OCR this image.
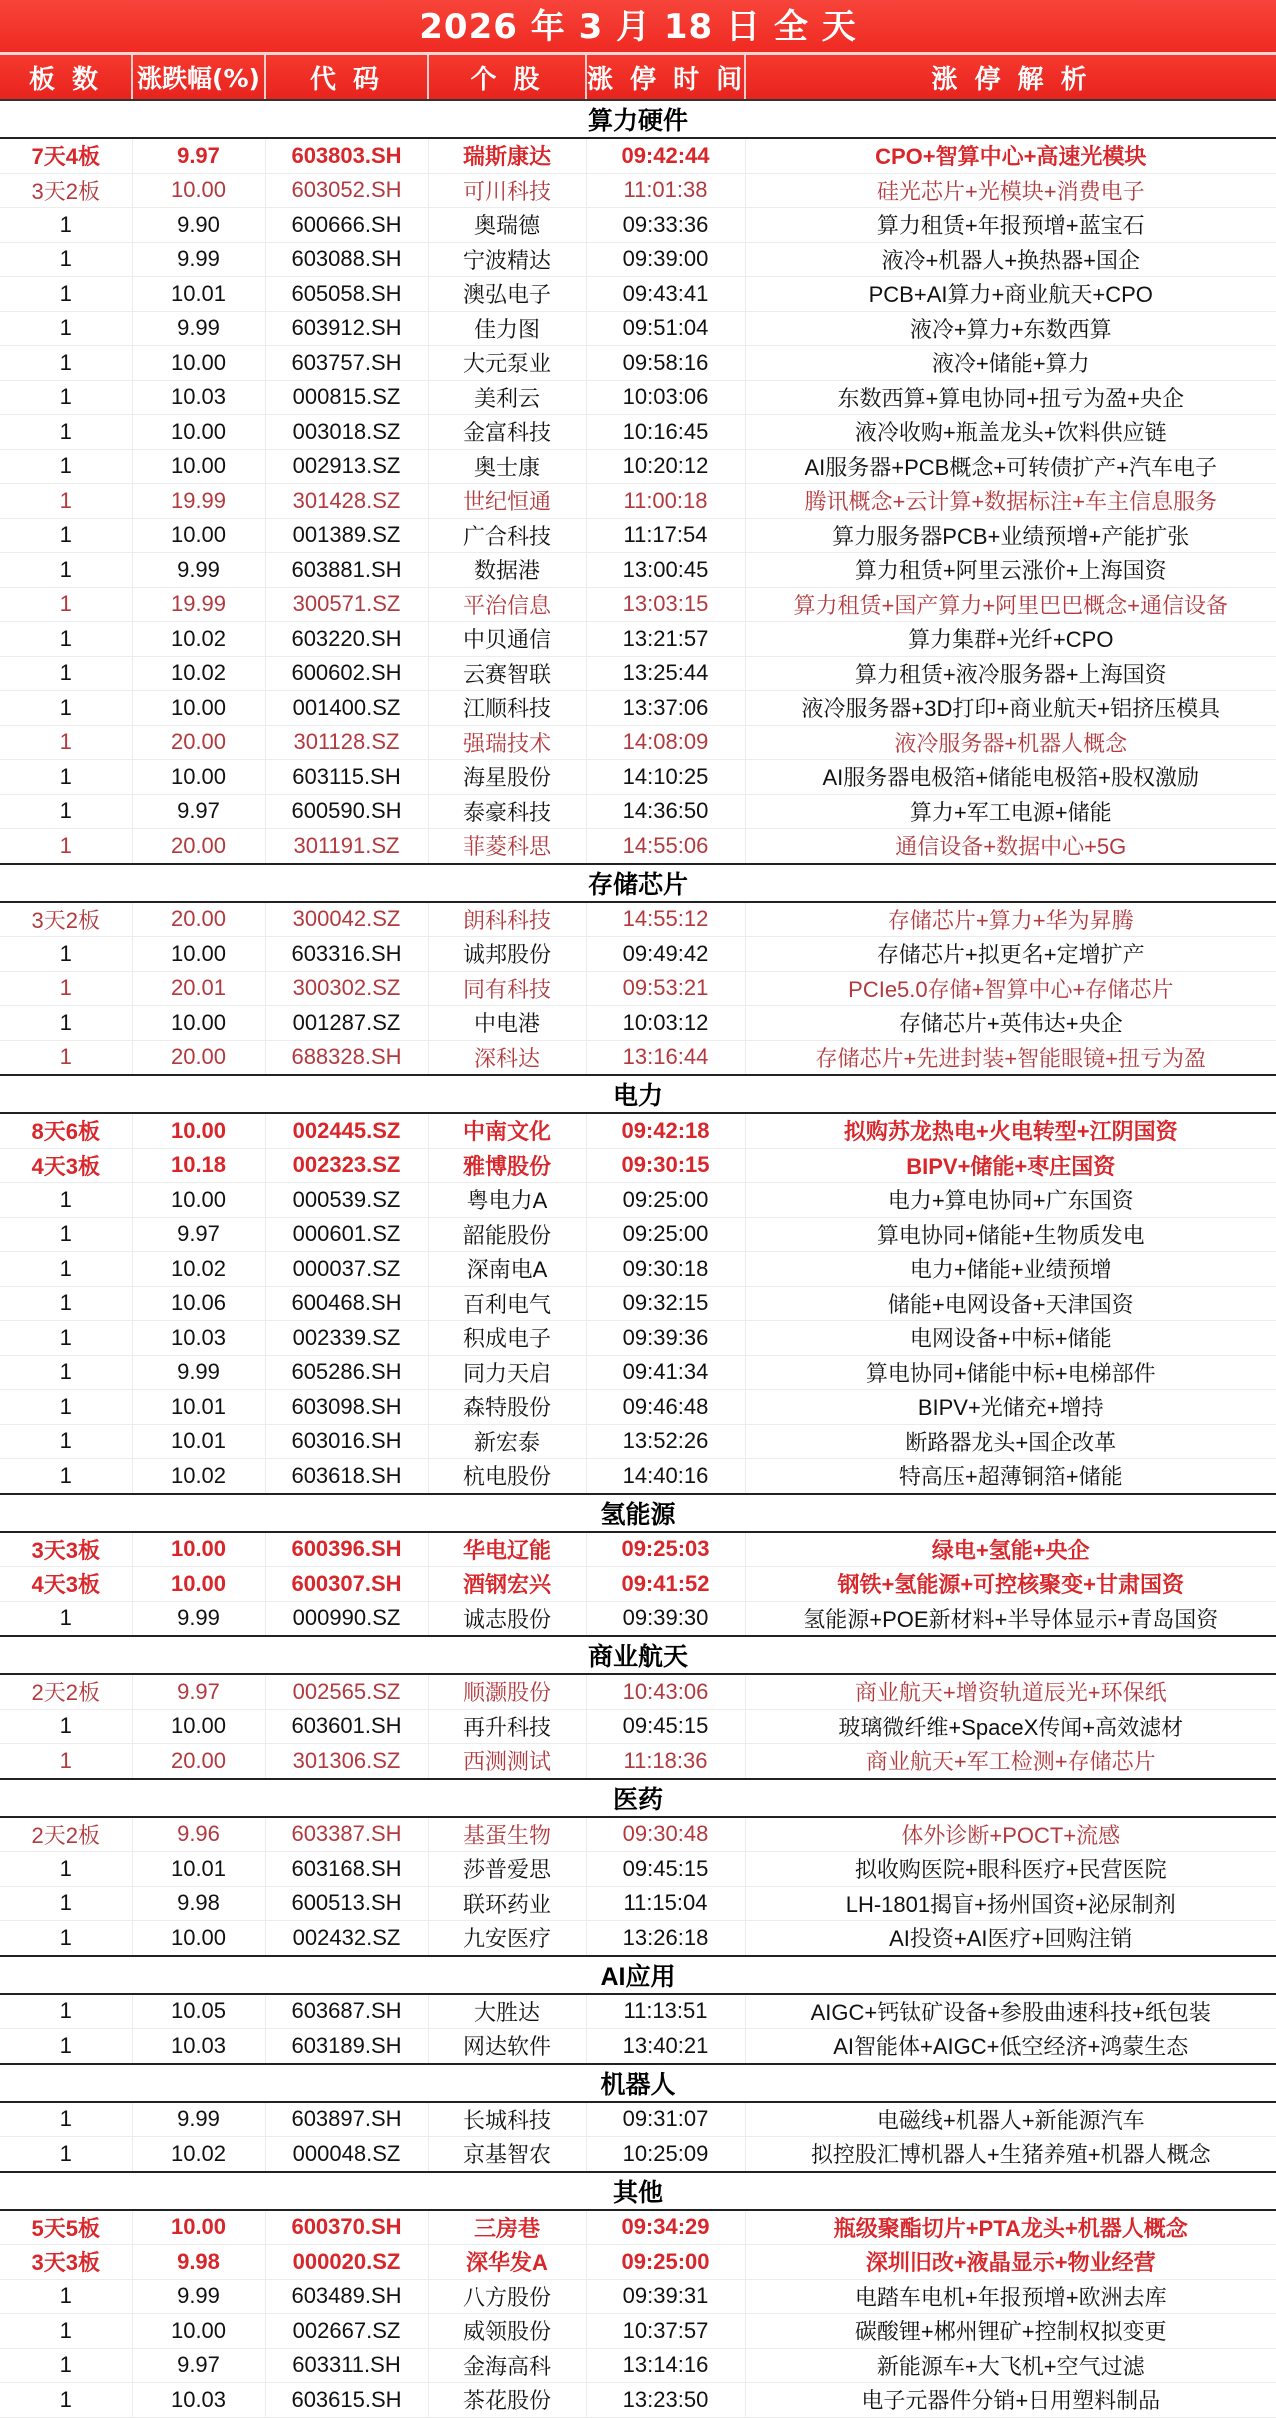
2026 年 3 月 18 日 全 天
板 数	涨跌幅(%)	代 码	个 股	涨 停 时 间	涨 停 解 析
算力硬件					
7天4板	9.97	603803.SH	瑞斯康达	09:42:44	CPO+智算中心+高速光模块
3天2板	10.00	603052.SH	可川科技	11:01:38	硅光芯片+光模块+消费电子
1	9.90	600666.SH	奥瑞德	09:33:36	算力租赁+年报预增+蓝宝石
1	9.99	603088.SH	宁波精达	09:39:00	液冷+机器人+换热器+国企
1	10.01	605058.SH	澳弘电子	09:43:41	PCB+AI算力+商业航天+CPO
1	9.99	603912.SH	佳力图	09:51:04	液冷+算力+东数西算
1	10.00	603757.SH	大元泵业	09:58:16	液冷+储能+算力
1	10.03	000815.SZ	美利云	10:03:06	东数西算+算电协同+扭亏为盈+央企
1	10.00	003018.SZ	金富科技	10:16:45	液冷收购+瓶盖龙头+饮料供应链
1	10.00	002913.SZ	奥士康	10:20:12	AI服务器+PCB概念+可转债扩产+汽车电子
1	19.99	301428.SZ	世纪恒通	11:00:18	腾讯概念+云计算+数据标注+车主信息服务
1	10.00	001389.SZ	广合科技	11:17:54	算力服务器PCB+业绩预增+产能扩张
1	9.99	603881.SH	数据港	13:00:45	算力租赁+阿里云涨价+上海国资
1	19.99	300571.SZ	平治信息	13:03:15	算力租赁+国产算力+阿里巴巴概念+通信设备
1	10.02	603220.SH	中贝通信	13:21:57	算力集群+光纤+CPO
1	10.02	600602.SH	云赛智联	13:25:44	算力租赁+液冷服务器+上海国资
1	10.00	001400.SZ	江顺科技	13:37:06	液冷服务器+3D打印+商业航天+铝挤压模具
1	20.00	301128.SZ	强瑞技术	14:08:09	液冷服务器+机器人概念
1	10.00	603115.SH	海星股份	14:10:25	AI服务器电极箔+储能电极箔+股权激励
1	9.97	600590.SH	泰豪科技	14:36:50	算力+军工电源+储能
1	20.00	301191.SZ	菲菱科思	14:55:06	通信设备+数据中心+5G
存储芯片					
3天2板	20.00	300042.SZ	朗科科技	14:55:12	存储芯片+算力+华为昇腾
1	10.00	603316.SH	诚邦股份	09:49:42	存储芯片+拟更名+定增扩产
1	20.01	300302.SZ	同有科技	09:53:21	PCIe5.0存储+智算中心+存储芯片
1	10.00	001287.SZ	中电港	10:03:12	存储芯片+英伟达+央企
1	20.00	688328.SH	深科达	13:16:44	存储芯片+先进封装+智能眼镜+扭亏为盈
电力					
8天6板	10.00	002445.SZ	中南文化	09:42:18	拟购苏龙热电+火电转型+江阴国资
4天3板	10.18	002323.SZ	雅博股份	09:30:15	BIPV+储能+枣庄国资
1	10.00	000539.SZ	粤电力A	09:25:00	电力+算电协同+广东国资
1	9.97	000601.SZ	韶能股份	09:25:00	算电协同+储能+生物质发电
1	10.02	000037.SZ	深南电A	09:30:18	电力+储能+业绩预增
1	10.06	600468.SH	百利电气	09:32:15	储能+电网设备+天津国资
1	10.03	002339.SZ	积成电子	09:39:36	电网设备+中标+储能
1	9.99	605286.SH	同力天启	09:41:34	算电协同+储能中标+电梯部件
1	10.01	603098.SH	森特股份	09:46:48	BIPV+光储充+增持
1	10.01	603016.SH	新宏泰	13:52:26	断路器龙头+国企改革
1	10.02	603618.SH	杭电股份	14:40:16	特高压+超薄铜箔+储能
氢能源					
3天3板	10.00	600396.SH	华电辽能	09:25:03	绿电+氢能+央企
4天3板	10.00	600307.SH	酒钢宏兴	09:41:52	钢铁+氢能源+可控核聚变+甘肃国资
1	9.99	000990.SZ	诚志股份	09:39:30	氢能源+POE新材料+半导体显示+青岛国资
商业航天					
2天2板	9.97	002565.SZ	顺灏股份	10:43:06	商业航天+增资轨道辰光+环保纸
1	10.00	603601.SH	再升科技	09:45:15	玻璃微纤维+SpaceX传闻+高效滤材
1	20.00	301306.SZ	西测测试	11:18:36	商业航天+军工检测+存储芯片
医药					
2天2板	9.96	603387.SH	基蛋生物	09:30:48	体外诊断+POCT+流感
1	10.01	603168.SH	莎普爱思	09:45:15	拟收购医院+眼科医疗+民营医院
1	9.98	600513.SH	联环药业	11:15:04	LH-1801揭盲+扬州国资+泌尿制剂
1	10.00	002432.SZ	九安医疗	13:26:18	AI投资+AI医疗+回购注销
AI应用					
1	10.05	603687.SH	大胜达	11:13:51	AIGC+钙钛矿设备+参股曲速科技+纸包装
1	10.03	603189.SH	网达软件	13:40:21	AI智能体+AIGC+低空经济+鸿蒙生态
机器人					
1	9.99	603897.SH	长城科技	09:31:07	电磁线+机器人+新能源汽车
1	10.02	000048.SZ	京基智农	10:25:09	拟控股汇博机器人+生猪养殖+机器人概念
其他					
5天5板	10.00	600370.SH	三房巷	09:34:29	瓶级聚酯切片+PTA龙头+机器人概念
3天3板	9.98	000020.SZ	深华发A	09:25:00	深圳旧改+液晶显示+物业经营
1	9.99	603489.SH	八方股份	09:39:31	电踏车电机+年报预增+欧洲去库
1	10.00	002667.SZ	威领股份	10:37:57	碳酸锂+郴州锂矿+控制权拟变更
1	9.97	603311.SH	金海高科	13:14:16	新能源车+大飞机+空气过滤
1	10.03	603615.SH	茶花股份	13:23:50	电子元器件分销+日用塑料制品
